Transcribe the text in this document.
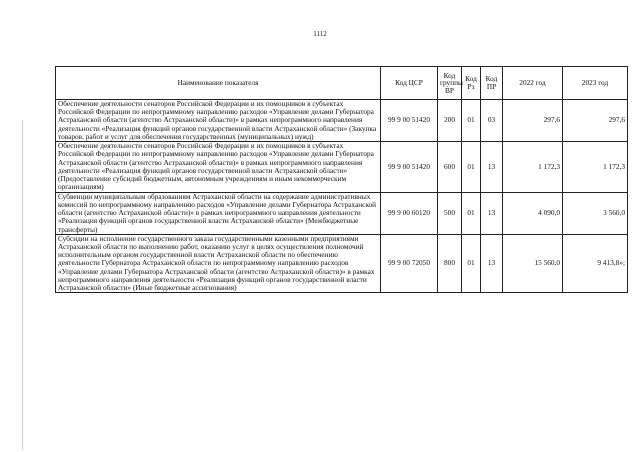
1112
Наименование показателя	Код ЦСР	Код группы ВР	Код Рз	Код ПР	2022 год	2023 год
Обеспечение деятельности сенаторов Российской Федерации и их помощников в субъектах Российской Федерации по непрограммному направлению расходов «Управление делами Губернатора Астраханской области (агентство Астраханской области)» в рамках непрограммного направления деятельности «Реализация функций органов государственной власти Астраханской области» (Закупка товаров, работ и услуг для обеспечения государственных (муниципальных) нужд)	99 9 00 51420	200	01	03	297,6	297,6
Обеспечение деятельности сенаторов Российской Федерации и их помощников в субъектах Российской Федерации по непрограммному направлению расходов «Управление делами Губернатора Астраханской области (агентство Астраханской области)» в рамках непрограммного направления деятельности «Реализация функций органов государственной власти Астраханской области» (Предоставление субсидий бюджетным, автономным учреждениям и иным некоммерческим организациям)	99 9 00 51420	600	01	13	1 172,3	1 172,3
Субвенции муниципальным образованиям Астраханской области на содержание административных комиссий по непрограммному направлению расходов «Управление делами Губернатора Астраханской области (агентство Астраханской области)» в рамках непрограммного направления деятельности «Реализация функций органов государственной власти Астраханской области» (Межбюджетные трансферты)	99 9 00 60120	500	01	13	4 090,0	3 560,0
Субсидии на исполнение государственного заказа государственными казенными предприятиями Астраханской области по выполнению работ, оказанию услуг в целях осуществления полномочий исполнительным органом государственной власти Астраханской области по обеспечению деятельности Губернатора Астраханской области по непрограммному направлению расходов «Управление делами Губернатора Астраханской области (агентство Астраханской области)» в рамках непрограммного направления деятельности «Реализация функций органов государственной власти Астраханской области» (Иные бюджетные ассигнования)	99 9 00 72050	800	01	13	15 560,0	9 413,8»;
